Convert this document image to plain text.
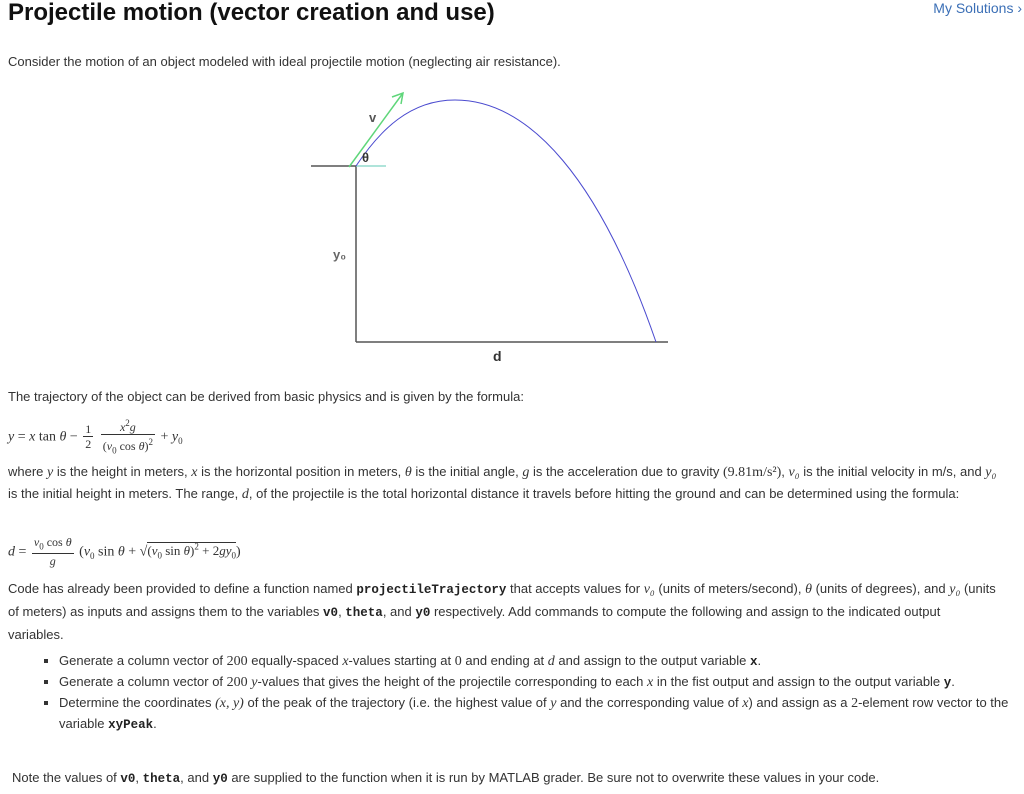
Projectile motion (vector creation and use)	My Solutions ›

Consider the motion of an object modeled with ideal projectile motion (neglecting air resistance).

v
θ
y₀
d

The trajectory of the object can be derived from basic physics and is given by the formula:

y = x $\tan \theta - \frac{1}{2}$
$\frac{x^2g}{(v_0 \cos \theta)^2} + y_0$

where y is the height in meters, x is the horizontal position in meters, θ is the initial angle, g is the acceleration due to gravity (9.81m/s²), v₀ is the initial velocity in m/s, and y₀ is the initial height in meters. The range, d, of the projectile is the total horizontal distance it travels before hitting the ground and can be determined using the formula:

$d = \frac{v_0 \cos \theta}{g} (v_0$ $\sin \theta + √(v_0$ $\sin \theta)^2 + 2gy_0$)

Code has already been provided to define a function named projectileTrajectory that accepts values for v₀ (units of meters/second), θ (units of degrees), and y₀ (units of meters) as inputs and assigns them to the variables v0, theta, and y0 respectively. Add commands to compute the following and assign to the indicated output variables.

▪ Generate a column vector of 200 equally-spaced x-values starting at 0 and ending at d and assign to the output variable x.
▪ Generate a column vector of 200 y-values that gives the height of the projectile corresponding to each x in the fist output and assign to the output variable y.
▪ Determine the coordinates (x, y) of the peak of the trajectory (i.e. the highest value of y and the corresponding value of x) and assign as a 2-element row vector to the variable xyPeak.

Note the values of v0, theta, and y0 are supplied to the function when it is run by MATLAB grader. Be sure not to overwrite these values in your code.
